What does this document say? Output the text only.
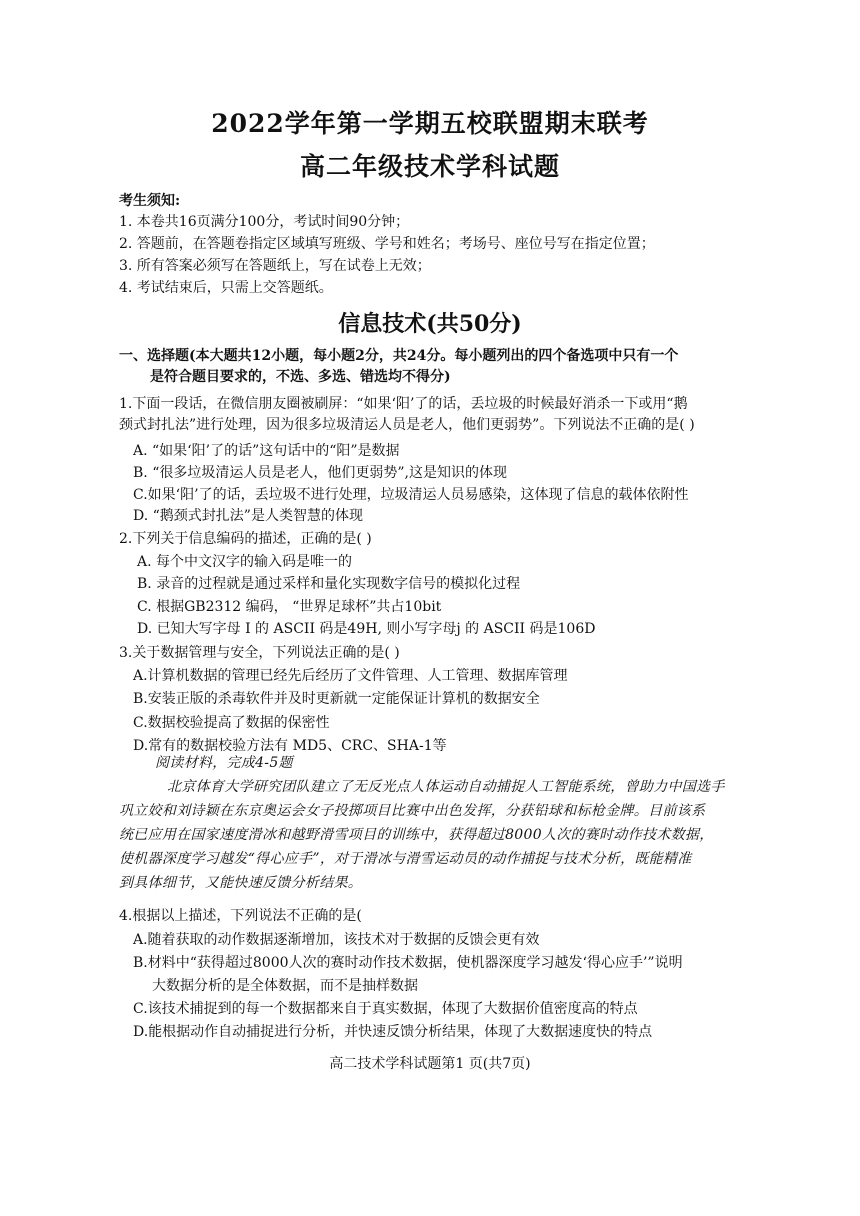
2022学年第一学期五校联盟期末联考
高二年级技术学科试题
考生须知:
1. 本卷共16页满分100分，考试时间90分钟；
2. 答题前，在答题卷指定区域填写班级、学号和姓名；考场号、座位号写在指定位置；
3. 所有答案必须写在答题纸上，写在试卷上无效；
4. 考试结束后，只需上交答题纸。
信息技术(共50分)
一、选择题(本大题共12小题，每小题2分，共24分。每小题列出的四个备选项中只有一个
是符合题目要求的，不选、多选、错选均不得分)
1.下面一段话，在微信朋友圈被刷屏：“如果‘阳’了的话，丢垃圾的时候最好消杀一下或用“鹅
颈式封扎法”进行处理，因为很多垃圾清运人员是老人，他们更弱势”。下列说法不正确的是( )
A. “如果‘阳’了的话”这句话中的“阳”是数据
B. “很多垃圾清运人员是老人，他们更弱势”,这是知识的体现
C.如果‘阳’了的话，丢垃圾不进行处理，垃圾清运人员易感染，这体现了信息的载体依附性
D. “鹅颈式封扎法”是人类智慧的体现
2.下列关于信息编码的描述，正确的是( )
A. 每个中文汉字的输入码是唯一的
B. 录音的过程就是通过采样和量化实现数字信号的模拟化过程
C. 根据GB2312 编码， “世界足球杯”共占10bit
D. 已知大写字母 I 的 ASCII 码是49H, 则小写字母j 的 ASCII 码是106D
3.关于数据管理与安全，下列说法正确的是( )
A.计算机数据的管理已经先后经历了文件管理、人工管理、数据库管理
B.安装正版的杀毒软件并及时更新就一定能保证计算机的数据安全
C.数据校验提高了数据的保密性
D.常有的数据校验方法有 MD5、CRC、SHA-1等
阅读材料，完成4-5题
北京体育大学研究团队建立了无反光点人体运动自动捕捉人工智能系统，曾助力中国选手
巩立姣和刘诗颖在东京奥运会女子投掷项目比赛中出色发挥，分获铅球和标枪金牌。目前该系
统已应用在国家速度滑冰和越野滑雪项目的训练中，获得超过8000人次的赛时动作技术数据，
使机器深度学习越发“得心应手”，对于滑冰与滑雪运动员的动作捕捉与技术分析，既能精准
到具体细节，又能快速反馈分析结果。
4.根据以上描述，下列说法不正确的是(
A.随着获取的动作数据逐渐增加，该技术对于数据的反馈会更有效
B.材料中“获得超过8000人次的赛时动作技术数据，使机器深度学习越发‘得心应手’”说明
大数据分析的是全体数据，而不是抽样数据
C.该技术捕捉到的每一个数据都来自于真实数据，体现了大数据价值密度高的特点
D.能根据动作自动捕捉进行分析，并快速反馈分析结果，体现了大数据速度快的特点
高二技术学科试题第1 页(共7页)
